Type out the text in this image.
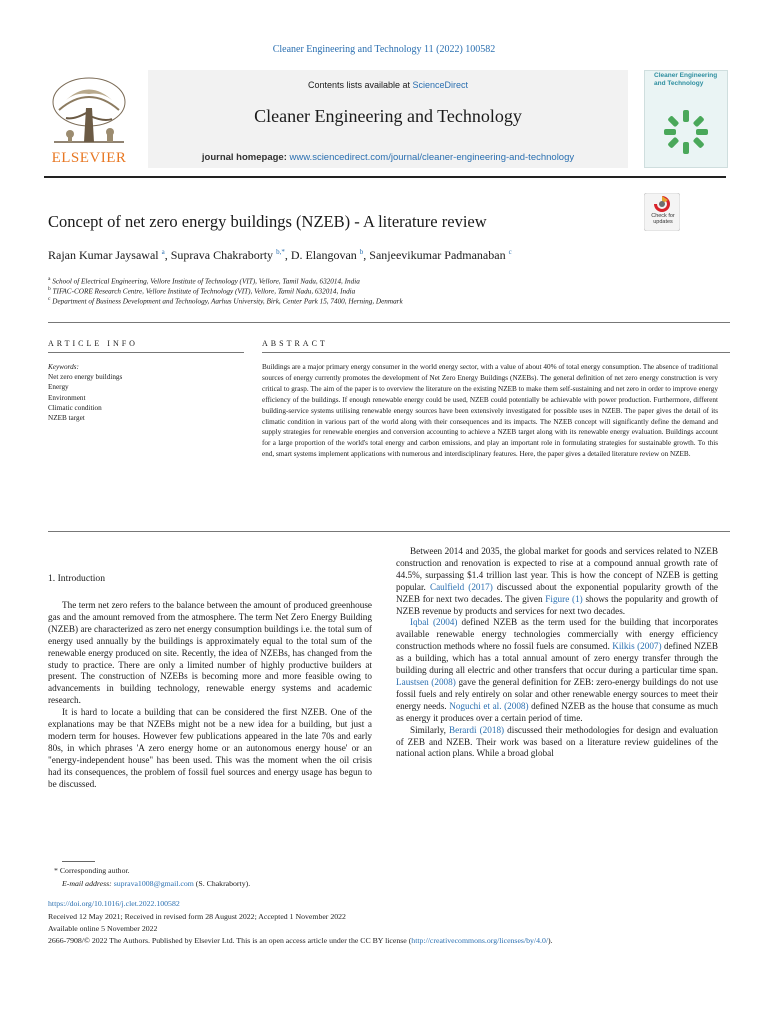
Cleaner Engineering and Technology 11 (2022) 100582
ELSEVIER
Contents lists available at ScienceDirect
Cleaner Engineering and Technology
journal homepage: www.sciencedirect.com/journal/cleaner-engineering-and-technology
Cleaner Engineering and Technology
Concept of net zero energy buildings (NZEB) - A literature review	Check for updates
Rajan Kumar Jaysawal $^a$, Suprava Chakraborty $^{b,*}$, D. Elangovan $^b$, Sanjeevikumar Padmanaban $^c$
$^a$ School of Electrical Engineering, Vellore Institute of Technology (VIT), Vellore, Tamil Nadu, 632014, India
$^b$ TIFAC-CORE Research Centre, Vellore Institute of Technology (VIT), Vellore, Tamil Nadu, 632014, India
$^c$ Department of Business Development and Technology, Aarhus University, Birk, Center Park 15, 7400, Herning, Denmark
ARTICLE INFO	ABSTRACT
Keywords:
Net zero energy buildings
Energy
Environment
Climatic condition
NZEB target
Buildings are a major primary energy consumer in the world energy sector, with a value of about 40% of total energy consumption. The absence of traditional sources of energy currently promotes the development of Net Zero Energy Buildings (NZEBs). The general definition of net zero energy construction is very critical to grasp. The aim of the paper is to overview the literature on the existing NZEB to make them self-sustaining and net zero in order to improve energy efficiency of the buildings. If enough renewable energy could be used, NZEB could potentially be achievable with power production. Furthermore, different building-service systems utilising renewable energy sources have been extensively investigated for possible uses in NZEB. The paper gives the detail of its climatic condition in various part of the world along with their consequences and its impacts. The NZEB concept will significantly define the demand and supply strategies for renewable energies and conversion accounting to achieve a NZEB target along with its renewable energy evaluation. Buildings account for a large proportion of the world's total energy and carbon emissions, and play an important role in formulating strategies for sustainable growth. To this end, smart systems implement applications with numerous and interdisciplinary features. Here, the paper gives a detailed literature review on NZEB.
1. Introduction

The term net zero refers to the balance between the amount of produced greenhouse gas and the amount removed from the atmosphere. The term Net Zero Energy Building (NZEB) are characterized as zero net energy consumption buildings i.e. the total sum of energy used annually by the buildings is approximately equal to the total sum of the renewable energy produced on site. Recently, the idea of NZEBs, has changed from the study to practice. There are only a limited number of highly productive builders at present. The construction of NZEBs is becoming more and more feasible owing to advancements in building technology, renewable energy systems and academic research.

It is hard to locate a building that can be considered the first NZEB. One of the explanations may be that NZEBs might not be a new idea for a building, but just a modern term for houses. However few publications appeared in the late 70s and early 80s, in which phrases 'A zero energy home or an autonomous energy house' or an "energy-independent house" has been used. This was the moment when the oil crisis had its consequences, the problem of fossil fuel sources and energy usage has begun to be discussed.

Between 2014 and 2035, the global market for goods and services related to NZEB construction and renovation is expected to rise at a compound annual growth rate of 44.5%, surpassing $1.4 trillion last year. This is how the concept of NZEB is getting popular. Caulfield (2017) discussed about the exponential popularity growth of the NZEB for next two decades. The given Figure (1) shows the popularity and growth of NZEB revenue by products and services for next two decades.

Iqbal (2004) defined NZEB as the term used for the building that incorporates available renewable energy technologies commercially with energy efficiency construction methods where no fossil fuels are consumed. Kilkis (2007) defined NZEB as a building, which has a total annual amount of zero energy transfer through the building during all electric and other transfers that occur during a particular time span. Laustsen (2008) gave the general definition for ZEB: zero-energy buildings do not use fossil fuels and rely entirely on solar and other renewable energy sources to meet their energy needs. Noguchi et al. (2008) defined NZEB as the house that consume as much as energy it produces over a certain period of time.

Similarly, Berardi (2018) discussed their methodologies for design and evaluation of ZEB and NZEB. Their work was based on a literature review guidelines of the national action plans. While a broad global

* Corresponding author.
E-mail address: suprava1008@gmail.com (S. Chakraborty).
https://doi.org/10.1016/j.clet.2022.100582
Received 12 May 2021; Received in revised form 28 August 2022; Accepted 1 November 2022
Available online 5 November 2022
2666-7908/© 2022 The Authors. Published by Elsevier Ltd. This is an open access article under the CC BY license (http://creativecommons.org/licenses/by/4.0/).
